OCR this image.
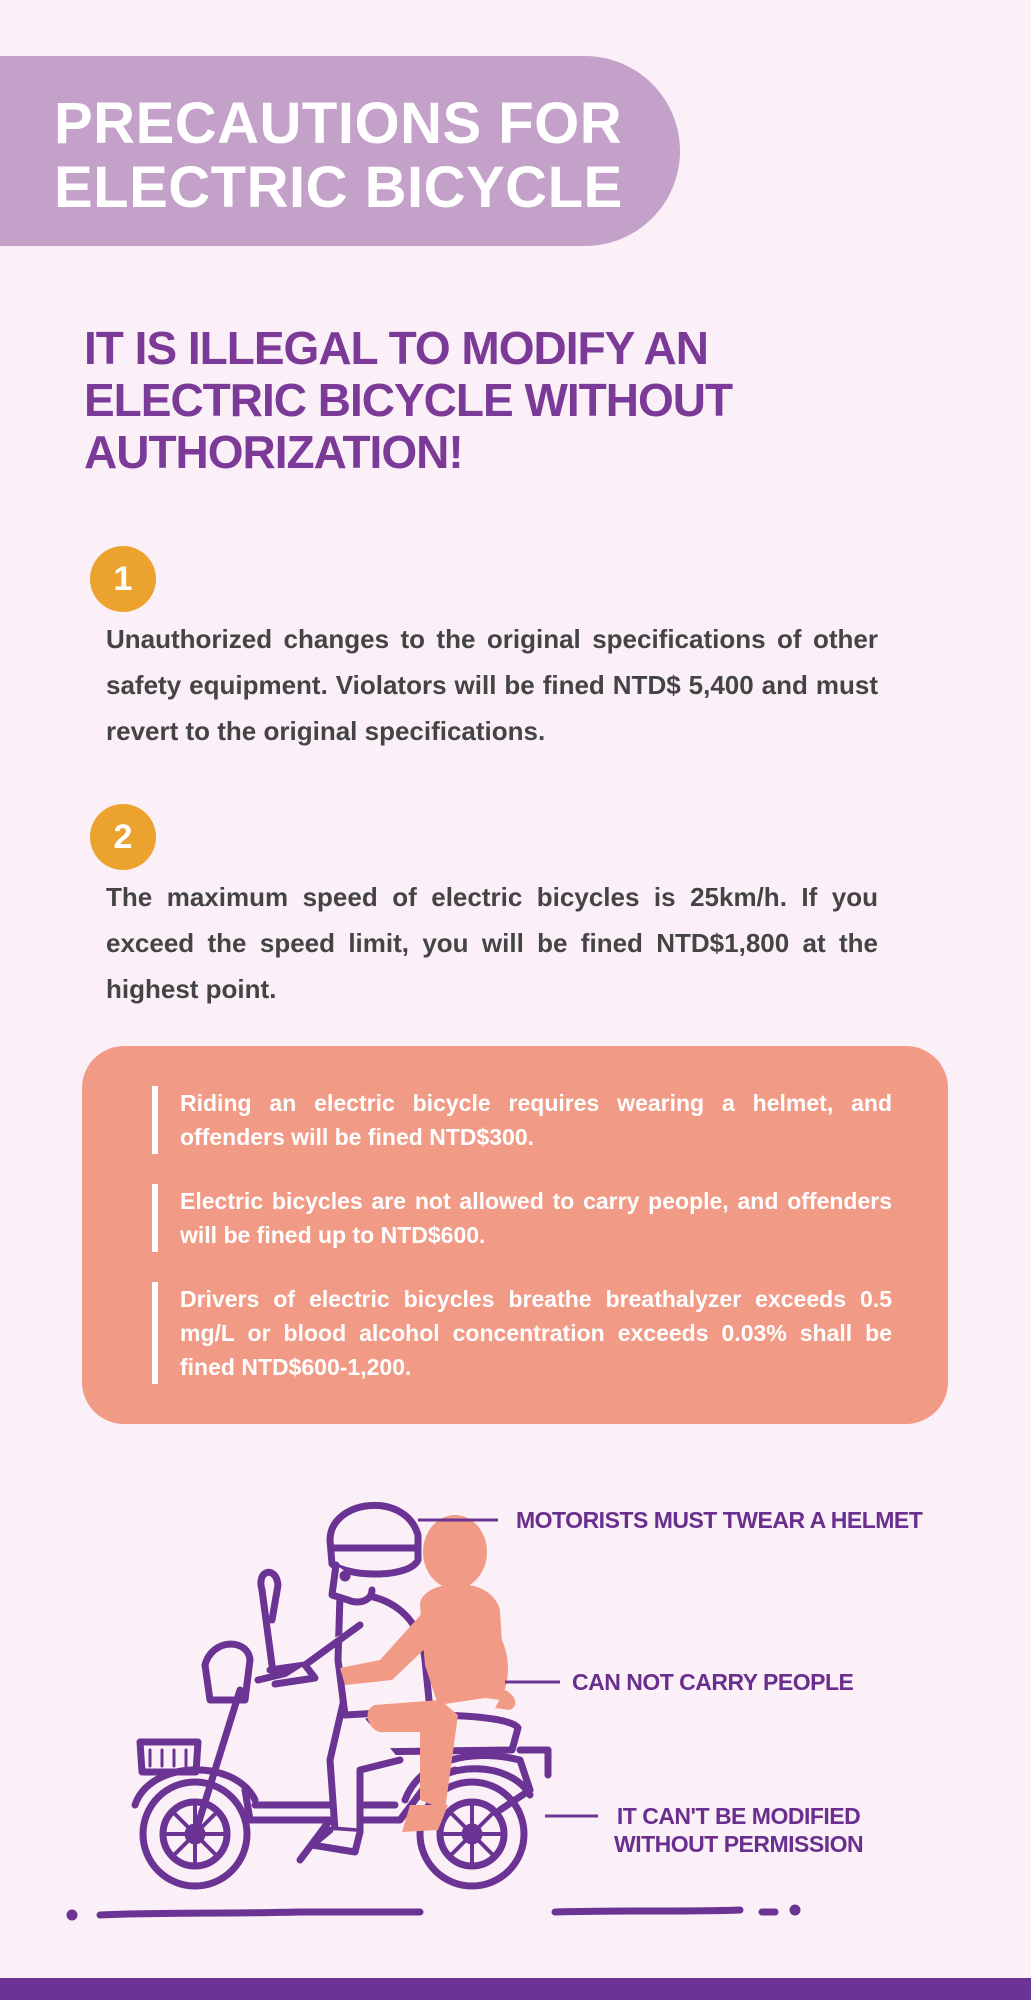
PRECAUTIONS FOR
ELECTRIC BICYCLE
IT IS ILLEGAL TO MODIFY AN
ELECTRIC BICYCLE WITHOUT
AUTHORIZATION!
1
Unauthorized changes to the original specifications of other safety equipment. Violators will be fined NTD$ 5,400 and must revert to the original specifications.
2
The maximum speed of electric bicycles is 25km/h. If you exceed the speed limit, you will be fined NTD$1,800 at the highest point.
Riding an electric bicycle requires wearing a helmet, and offenders will be fined NTD$300.
Electric bicycles are not allowed to carry people, and offenders will be fined up to NTD$600.
Drivers of electric bicycles breathe breathalyzer exceeds 0.5 mg/L or blood alcohol concentration exceeds 0.03% shall be fined NTD$600-1,200.
MOTORISTS MUST TWEAR A HELMET
CAN NOT CARRY PEOPLE
IT CAN'T BE MODIFIED
WITHOUT PERMISSION
